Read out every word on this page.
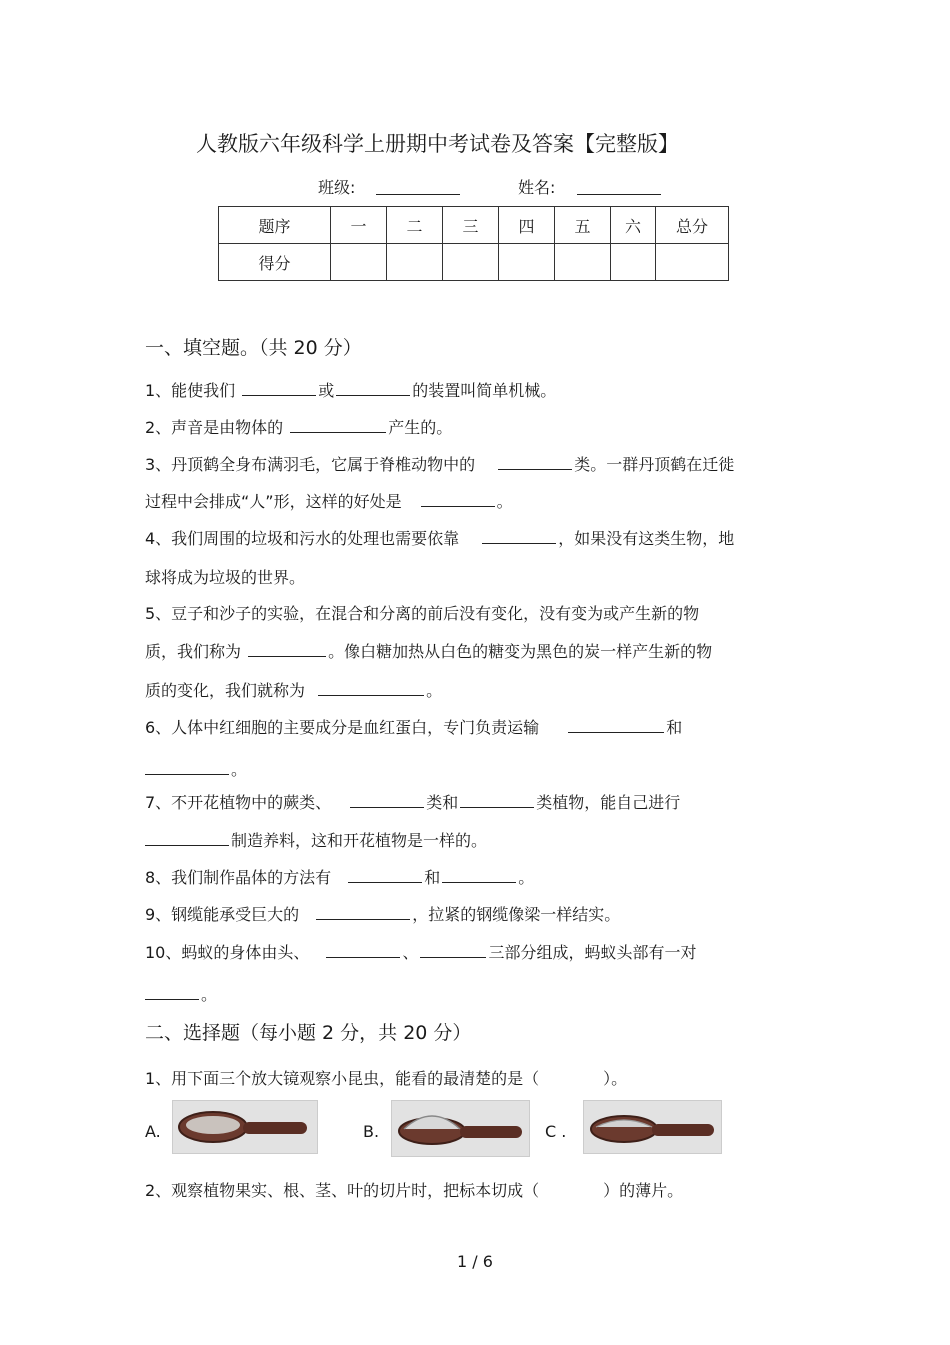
人教版六年级科学上册期中考试卷及答案【完整版】
班级:	姓名:
题序	一	二	三	四	五	六	总分
得分							
一、填空题。（共 20 分）
1、能使我们	或	的装置叫简单机械。
2、声音是由物体的	产生的。
3、丹顶鹤全身布满羽毛，它属于脊椎动物中的	类。一群丹顶鹤在迁徙
过程中会排成“人”形，这样的好处是	。
4、我们周围的垃圾和污水的处理也需要依靠	，如果没有这类生物，地
球将成为垃圾的世界。
5、豆子和沙子的实验，在混合和分离的前后没有变化，没有变为或产生新的物
质，我们称为	。像白糖加热从白色的糖变为黑色的炭一样产生新的物
质的变化，我们就称为	。
6、人体中红细胞的主要成分是血红蛋白，专门负责运输	和
。
7、不开花植物中的蕨类、	类和	类植物，能自己进行
制造养料，这和开花植物是一样的。
8、我们制作晶体的方法有	和	。
9、钢缆能承受巨大的	，拉紧的钢缆像梁一样结实。
10、蚂蚁的身体由头、	、	三部分组成，蚂蚁头部有一对
。
二、选择题（每小题 2 分，共 20 分）
1、用下面三个放大镜观察小昆虫，能看的最清楚的是（　　　　）。
A.	B.	C .
2、观察植物果实、根、茎、叶的切片时，把标本切成（　　　　）的薄片。
1 / 6
